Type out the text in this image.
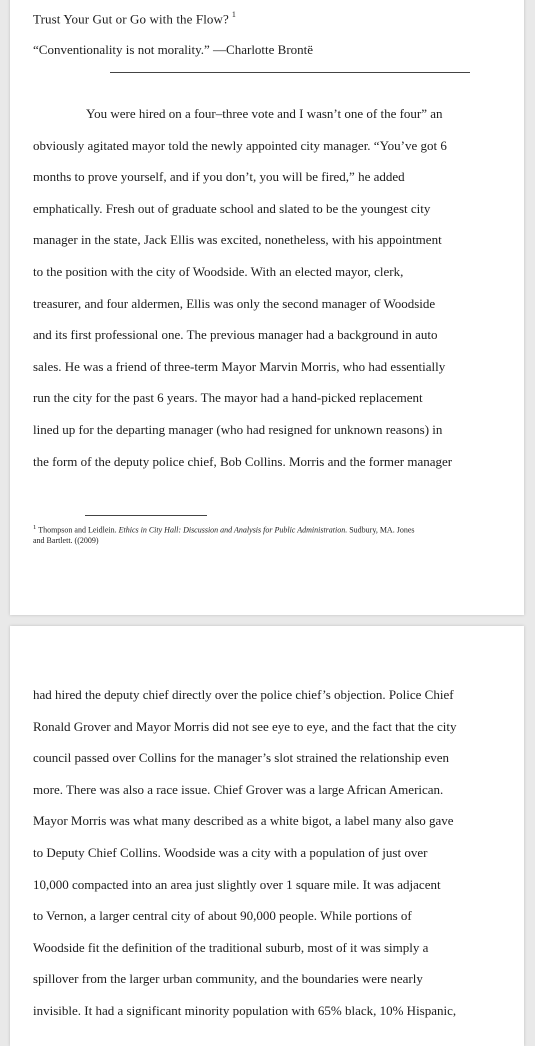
Trust Your Gut or Go with the Flow? $^1$
“Conventionality is not morality.” —Charlotte Brontë
You were hired on a four–three vote and I wasn’t one of the four” an
obviously agitated mayor told the newly appointed city manager. “You’ve got 6
months to prove yourself, and if you don’t, you will be fired,” he added
emphatically. Fresh out of graduate school and slated to be the youngest city
manager in the state, Jack Ellis was excited, nonetheless, with his appointment
to the position with the city of Woodside. With an elected mayor, clerk,
treasurer, and four aldermen, Ellis was only the second manager of Woodside
and its first professional one. The previous manager had a background in auto
sales. He was a friend of three-term Mayor Marvin Morris, who had essentially
run the city for the past 6 years. The mayor had a hand-picked replacement
lined up for the departing manager (who had resigned for unknown reasons) in
the form of the deputy police chief, Bob Collins. Morris and the former manager
$^1$ Thompson and Leidlein. Ethics in City Hall: Discussion and Analysis for Public Administration. Sudbury, MA. Jones
and Bartlett. ((2009)
had hired the deputy chief directly over the police chief’s objection. Police Chief
Ronald Grover and Mayor Morris did not see eye to eye, and the fact that the city
council passed over Collins for the manager’s slot strained the relationship even
more. There was also a race issue. Chief Grover was a large African American.
Mayor Morris was what many described as a white bigot, a label many also gave
to Deputy Chief Collins. Woodside was a city with a population of just over
10,000 compacted into an area just slightly over 1 square mile. It was adjacent
to Vernon, a larger central city of about 90,000 people. While portions of
Woodside fit the definition of the traditional suburb, most of it was simply a
spillover from the larger urban community, and the boundaries were nearly
invisible. It had a significant minority population with 65% black, 10% Hispanic,
